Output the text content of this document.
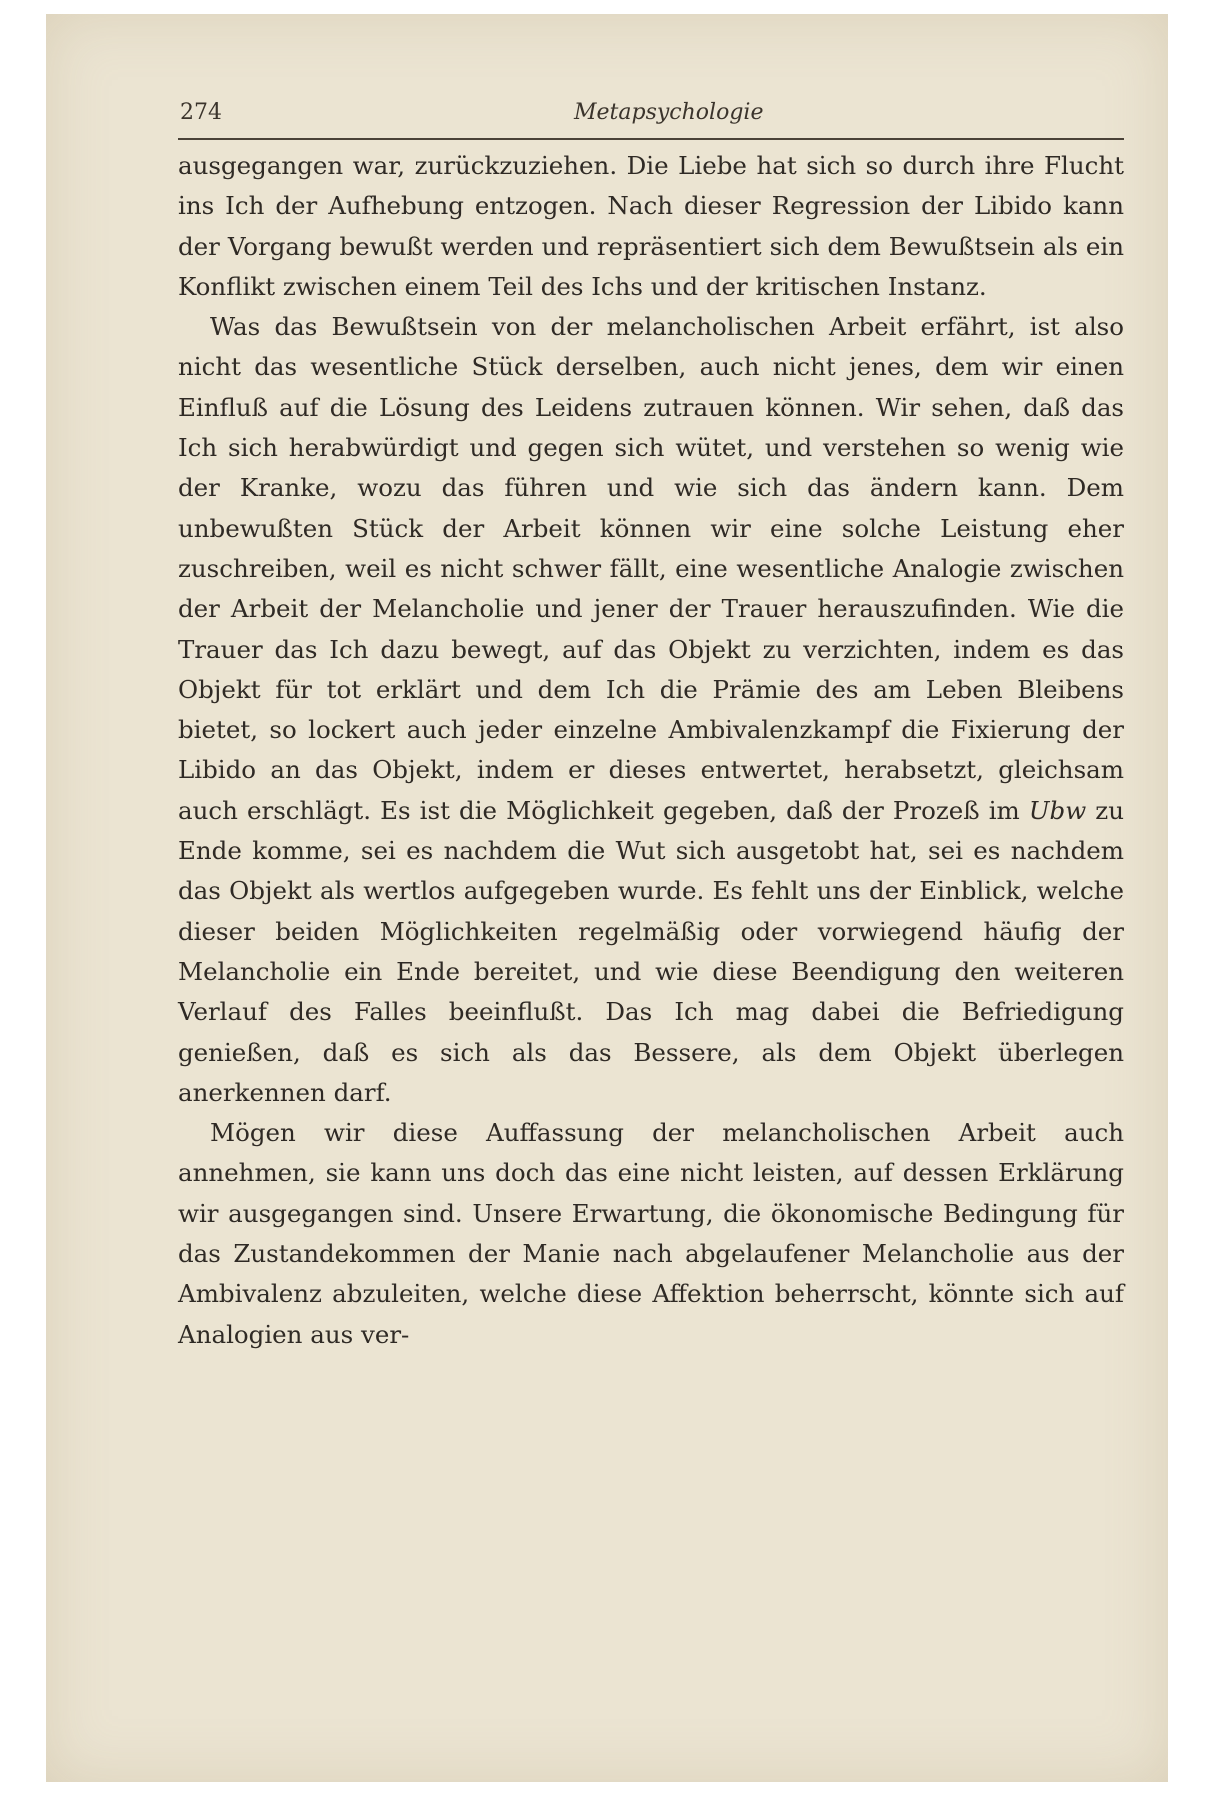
274	Metapsychologie

ausgegangen war, zurückzuziehen. Die Liebe hat sich so durch ihre Flucht ins Ich der Aufhebung entzogen. Nach dieser Regression der Libido kann der Vorgang bewußt werden und repräsentiert sich dem Bewußtsein als ein Konflikt zwischen einem Teil des Ichs und der kritischen Instanz.

Was das Bewußtsein von der melancholischen Arbeit erfährt, ist also nicht das wesentliche Stück derselben, auch nicht jenes, dem wir einen Einfluß auf die Lösung des Leidens zutrauen können. Wir sehen, daß das Ich sich herabwürdigt und gegen sich wütet, und verstehen so wenig wie der Kranke, wozu das führen und wie sich das ändern kann. Dem unbewußten Stück der Arbeit können wir eine solche Leistung eher zuschreiben, weil es nicht schwer fällt, eine wesentliche Analogie zwischen der Arbeit der Melancholie und jener der Trauer herauszufinden. Wie die Trauer das Ich dazu bewegt, auf das Objekt zu verzichten, indem es das Objekt für tot erklärt und dem Ich die Prämie des am Leben Bleibens bietet, so lockert auch jeder einzelne Ambivalenzkampf die Fixierung der Libido an das Objekt, indem er dieses entwertet, herabsetzt, gleichsam auch erschlägt. Es ist die Möglichkeit gegeben, daß der Prozeß im Ubw zu Ende komme, sei es nachdem die Wut sich ausgetobt hat, sei es nachdem das Objekt als wertlos aufgegeben wurde. Es fehlt uns der Einblick, welche dieser beiden Möglichkeiten regelmäßig oder vorwiegend häufig der Melancholie ein Ende bereitet, und wie diese Beendigung den weiteren Verlauf des Falles beeinflußt. Das Ich mag dabei die Befriedigung genießen, daß es sich als das Bessere, als dem Objekt überlegen anerkennen darf.

Mögen wir diese Auffassung der melancholischen Arbeit auch annehmen, sie kann uns doch das eine nicht leisten, auf dessen Erklärung wir ausgegangen sind. Unsere Erwartung, die ökonomische Bedingung für das Zustandekommen der Manie nach abgelaufener Melancholie aus der Ambivalenz abzuleiten, welche diese Affektion beherrscht, könnte sich auf Analogien aus ver-
